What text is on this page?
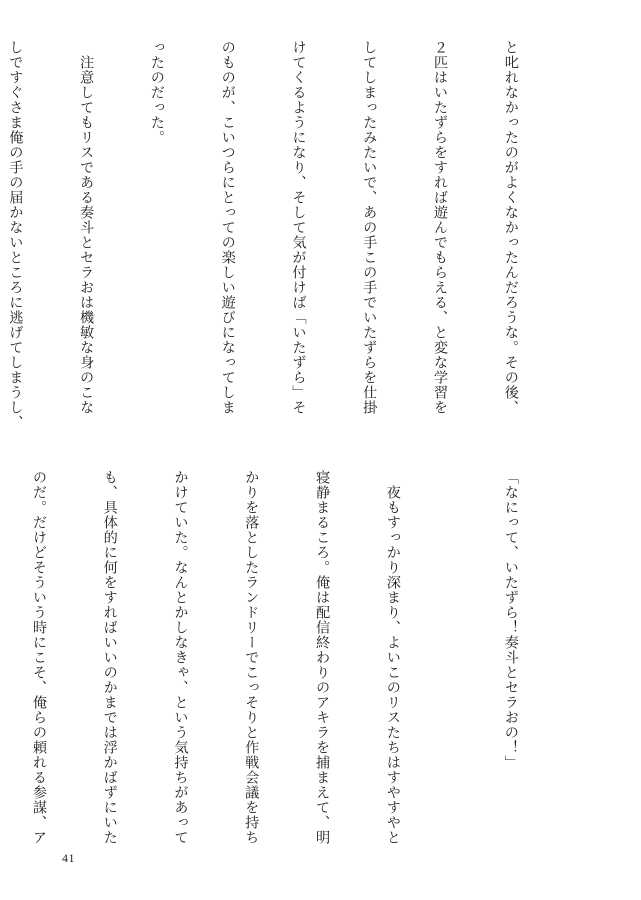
と叱れなかったのがよくなかったんだろうな。その後、

２匹はいたずらをすれば遊んでもらえる、と変な学習を

してしまったみたいで、あの手この手でいたずらを仕掛

けてくるようになり、そして気が付けば「いたずら」そ

のものが、こいつらにとっての楽しい遊びになってしま

ったのだった。

　注意してもリスである奏斗とセラおは機敏な身のこな

しですぐさま俺の手の届かないところに逃げてしまうし、

「なにって、いたずら！奏斗とセラおの！」

　夜もすっかり深まり、よいこのリスたちはすやすやと

寝静まるころ。俺は配信終わりのアキラを捕まえて、明

かりを落としたランドリーでこっそりと作戦会議を持ち

かけていた。なんとかしなきゃ、という気持ちがあって

も、具体的に何をすればいいのかまでは浮かばずにいた

のだ。だけどそういう時にこそ、俺らの頼れる参謀、ア

41
